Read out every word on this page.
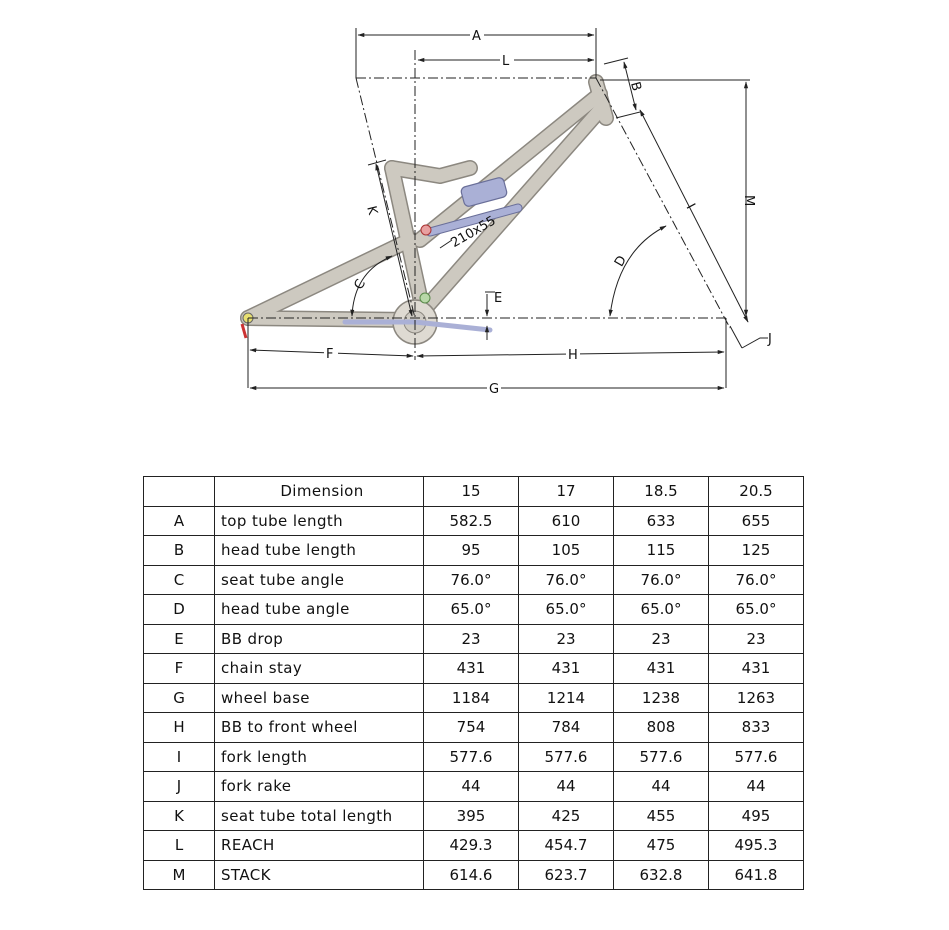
A
L
B
M
I
D
K
C
E
F	H
G
J
210x55
	Dimension	15	17	18.5	20.5
A	top tube length	582.5	610	633	655
B	head tube length	95	105	115	125
C	seat tube angle	76.0°	76.0°	76.0°	76.0°
D	head tube angle	65.0°	65.0°	65.0°	65.0°
E	BB drop	23	23	23	23
F	chain stay	431	431	431	431
G	wheel base	1184	1214	1238	1263
H	BB to front wheel	754	784	808	833
I	fork length	577.6	577.6	577.6	577.6
J	fork rake	44	44	44	44
K	seat tube total length	395	425	455	495
L	REACH	429.3	454.7	475	495.3
M	STACK	614.6	623.7	632.8	641.8
